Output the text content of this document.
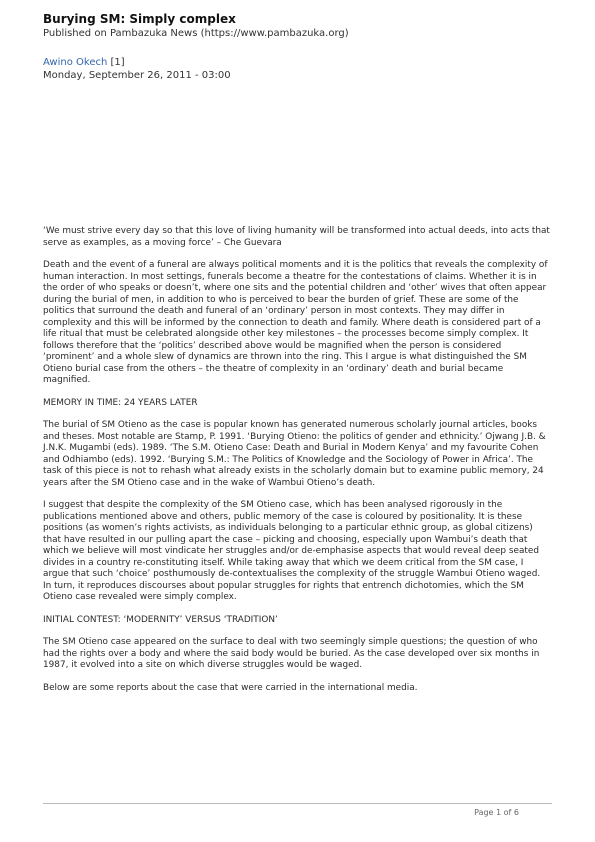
Burying SM: Simply complex
Published on Pambazuka News (https://www.pambazuka.org)
Awino Okech [1]
Monday, September 26, 2011 - 03:00

‘We must strive every day so that this love of living humanity will be transformed into actual deeds, into acts that serve as examples, as a moving force’ – Che Guevara

Death and the event of a funeral are always political moments and it is the politics that reveals the complexity of human interaction. In most settings, funerals become a theatre for the contestations of claims. Whether it is in the order of who speaks or doesn’t, where one sits and the potential children and ‘other’ wives that often appear during the burial of men, in addition to who is perceived to bear the burden of grief. These are some of the politics that surround the death and funeral of an ‘ordinary’ person in most contexts. They may differ in complexity and this will be informed by the connection to death and family. Where death is considered part of a life ritual that must be celebrated alongside other key milestones – the processes become simply complex. It follows therefore that the ‘politics’ described above would be magnified when the person is considered ‘prominent’ and a whole slew of dynamics are thrown into the ring. This I argue is what distinguished the SM Otieno burial case from the others – the theatre of complexity in an ‘ordinary’ death and burial became magnified.

MEMORY IN TIME: 24 YEARS LATER

The burial of SM Otieno as the case is popular known has generated numerous scholarly journal articles, books and theses. Most notable are Stamp, P. 1991. ‘Burying Otieno: the politics of gender and ethnicity.’ Ojwang J.B. & J.N.K. Mugambi (eds). 1989. ‘The S.M. Otieno Case: Death and Burial in Modern Kenya’ and my favourite Cohen and Odhiambo (eds). 1992. ‘Burying S.M.: The Politics of Knowledge and the Sociology of Power in Africa’. The task of this piece is not to rehash what already exists in the scholarly domain but to examine public memory, 24 years after the SM Otieno case and in the wake of Wambui Otieno’s death.

I suggest that despite the complexity of the SM Otieno case, which has been analysed rigorously in the publications mentioned above and others, public memory of the case is coloured by positionality. It is these positions (as women’s rights activists, as individuals belonging to a particular ethnic group, as global citizens) that have resulted in our pulling apart the case – picking and choosing, especially upon Wambui’s death that which we believe will most vindicate her struggles and/or de-emphasise aspects that would reveal deep seated divides in a country re-constituting itself. While taking away that which we deem critical from the SM case, I argue that such ‘choice’ posthumously de-contextualises the complexity of the struggle Wambui Otieno waged. In turn, it reproduces discourses about popular struggles for rights that entrench dichotomies, which the SM Otieno case revealed were simply complex.

INITIAL CONTEST: ‘MODERNITY’ VERSUS ‘TRADITION’

The SM Otieno case appeared on the surface to deal with two seemingly simple questions; the question of who had the rights over a body and where the said body would be buried. As the case developed over six months in 1987, it evolved into a site on which diverse struggles would be waged.

Below are some reports about the case that were carried in the international media.

Page 1 of 6
